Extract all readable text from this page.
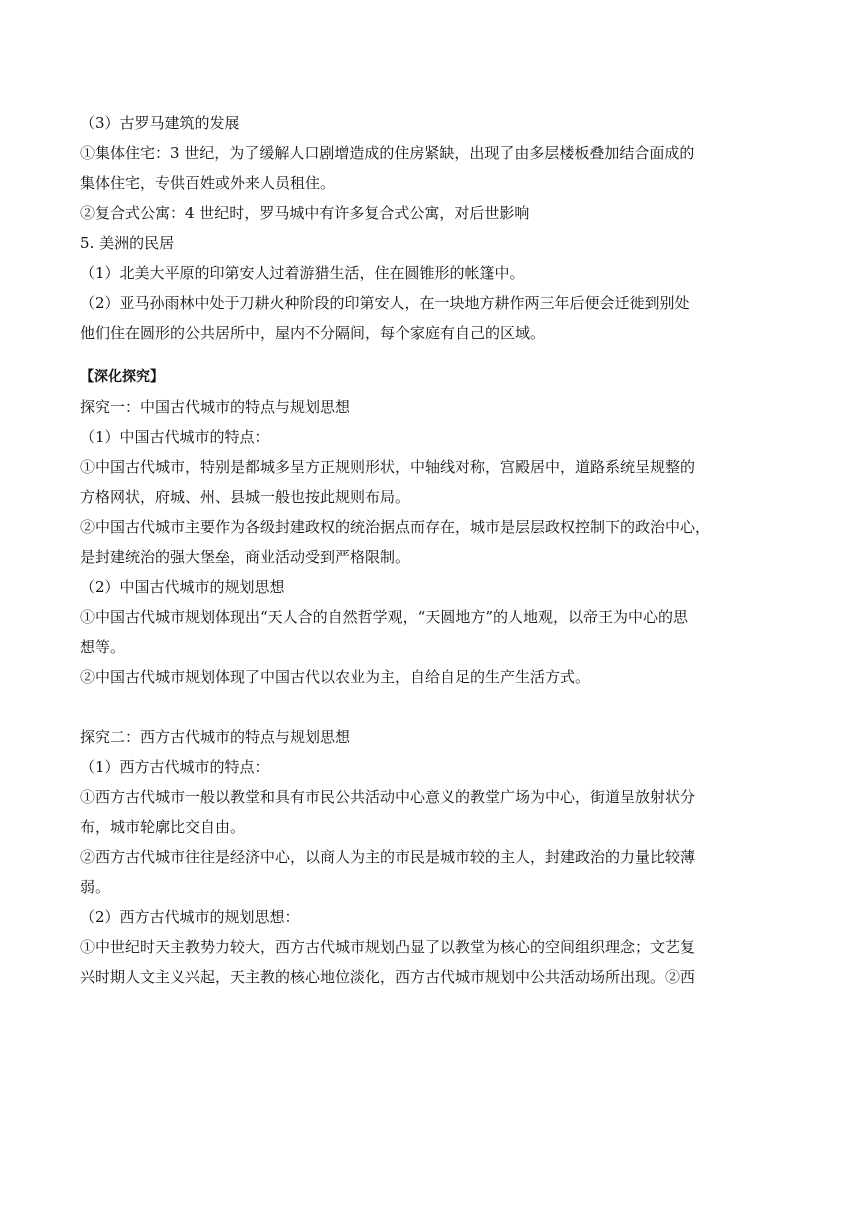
（3）古罗马建筑的发展
①集体住宅：3 世纪，为了缓解人口剧增造成的住房紧缺，出现了由多层楼板叠加结合面成的
集体住宅，专供百姓或外来人员租住。
②复合式公寓：4 世纪时，罗马城中有许多复合式公寓，对后世影响
5. 美洲的民居
（1）北美大平原的印第安人过着游猎生活，住在圆锥形的帐篷中。
（2）亚马孙雨林中处于刀耕火种阶段的印第安人，在一块地方耕作两三年后便会迁徙到别处
他们住在圆形的公共居所中，屋内不分隔间，每个家庭有自己的区域。
【深化探究】
探究一：中国古代城市的特点与规划思想
（1）中国古代城市的特点：
①中国古代城市，特别是都城多呈方正规则形状，中轴线对称，宫殿居中，道路系统呈规整的
方格网状，府城、州、县城一般也按此规则布局。
②中国古代城市主要作为各级封建政权的统治据点而存在，城市是层层政权控制下的政治中心，
是封建统治的强大堡垒，商业活动受到严格限制。
（2）中国古代城市的规划思想
①中国古代城市规划体现出“天人合的自然哲学观，“天圆地方”的人地观，以帝王为中心的思
想等。
②中国古代城市规划体现了中国古代以农业为主，自给自足的生产生活方式。
探究二：西方古代城市的特点与规划思想
（1）西方古代城市的特点：
①西方古代城市一般以教堂和具有市民公共活动中心意义的教堂广场为中心，街道呈放射状分
布，城市轮廓比交自由。
②西方古代城市往往是经济中心，以商人为主的市民是城市较的主人，封建政治的力量比较薄
弱。
（2）西方古代城市的规划思想：
①中世纪时天主教势力较大，西方古代城市规划凸显了以教堂为核心的空间组织理念；文艺复
兴时期人文主义兴起，天主教的核心地位淡化，西方古代城市规划中公共活动场所出现。②西
